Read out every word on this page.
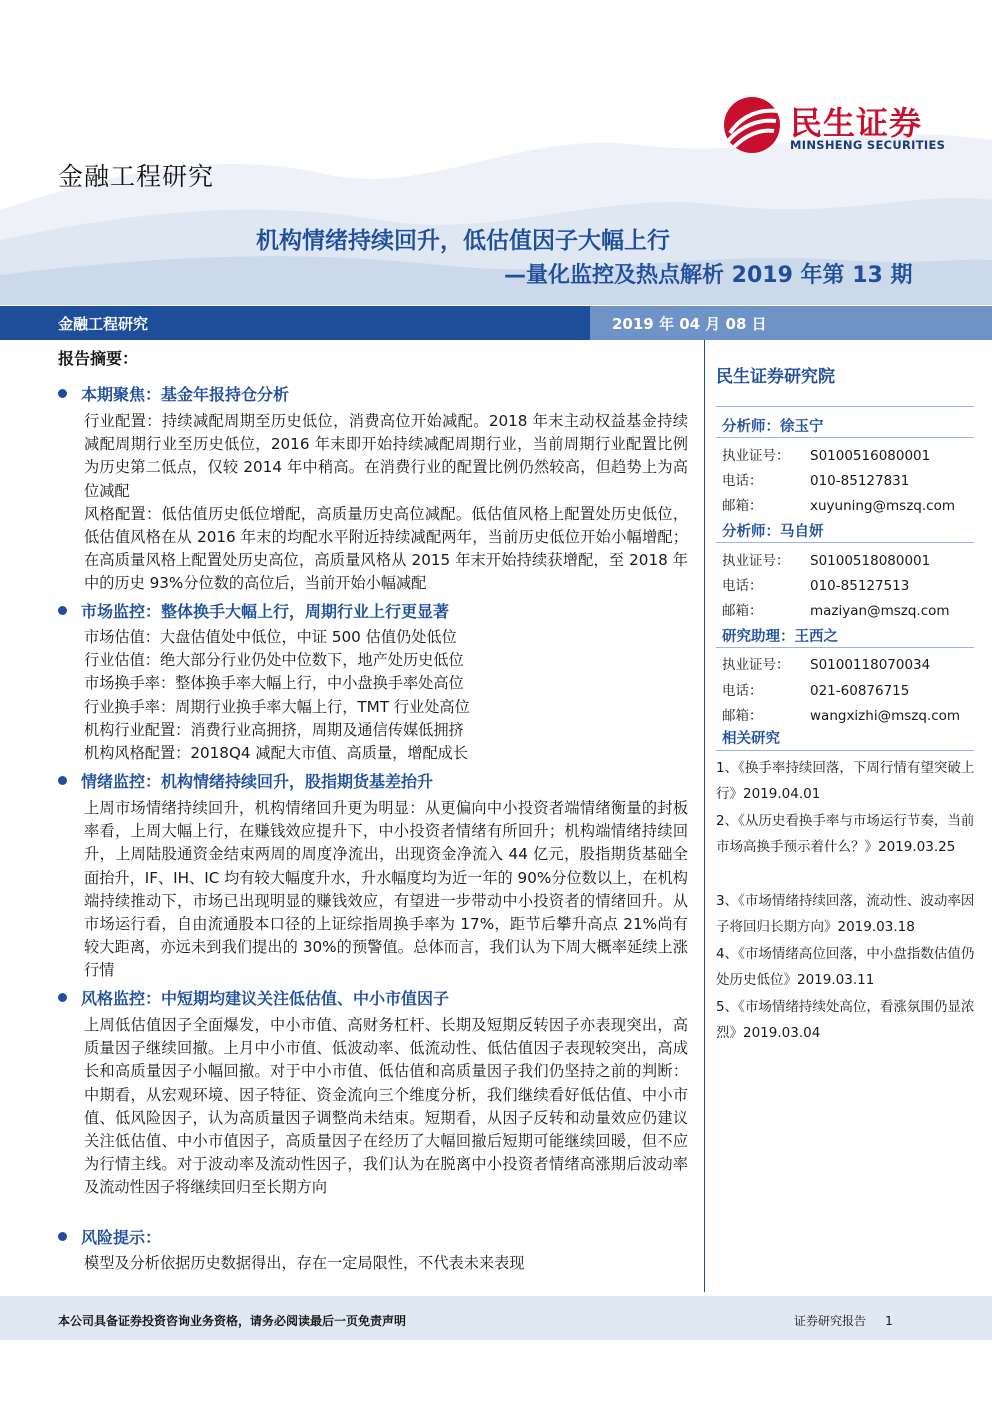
民生证券
MINSHENG SECURITIES
金融工程研究
机构情绪持续回升，低估值因子大幅上行
—量化监控及热点解析 2019 年第 13 期
金融工程研究	2019 年 04 月 08 日
报告摘要：
本期聚焦：基金年报持仓分析

行业配置：持续减配周期至历史低位，消费高位开始减配。2018 年末主动权益基金持续减配周期行业至历史低位，2016 年末即开始持续减配周期行业，当前周期行业配置比例为历史第二低点，仅较 2014 年中稍高。在消费行业的配置比例仍然较高，但趋势上为高位减配

风格配置：低估值历史低位增配，高质量历史高位减配。低估值风格上配置处历史低位，低估值风格在从 2016 年末的均配水平附近持续减配两年，当前历史低位开始小幅增配；在高质量风格上配置处历史高位，高质量风格从 2015 年末开始持续获增配，至 2018 年中的历史 93%分位数的高位后，当前开始小幅减配

市场监控：整体换手大幅上行，周期行业上行更显著

市场估值：大盘估值处中低位，中证 500 估值仍处低位

行业估值：绝大部分行业仍处中位数下，地产处历史低位

市场换手率：整体换手率大幅上行，中小盘换手率处高位

行业换手率：周期行业换手率大幅上行，TMT 行业处高位

机构行业配置：消费行业高拥挤，周期及通信传媒低拥挤

机构风格配置：2018Q4 减配大市值、高质量，增配成长

情绪监控：机构情绪持续回升，股指期货基差抬升

上周市场情绪持续回升，机构情绪回升更为明显：从更偏向中小投资者端情绪衡量的封板率看，上周大幅上行，在赚钱效应提升下，中小投资者情绪有所回升；机构端情绪持续回升，上周陆股通资金结束两周的周度净流出，出现资金净流入 44 亿元，股指期货基础全面抬升，IF、IH、IC 均有较大幅度升水，升水幅度均为近一年的 90%分位数以上，在机构端持续推动下，市场已出现明显的赚钱效应，有望进一步带动中小投资者的情绪回升。从市场运行看，自由流通股本口径的上证综指周换手率为 17%，距节后攀升高点 21%尚有较大距离，亦远未到我们提出的 30%的预警值。总体而言，我们认为下周大概率延续上涨行情

风格监控：中短期均建议关注低估值、中小市值因子

上周低估值因子全面爆发，中小市值、高财务杠杆、长期及短期反转因子亦表现突出，高质量因子继续回撤。上月中小市值、低波动率、低流动性、低估值因子表现较突出，高成长和高质量因子小幅回撤。对于中小市值、低估值和高质量因子我们仍坚持之前的判断：中期看，从宏观环境、因子特征、资金流向三个维度分析，我们继续看好低估值、中小市值、低风险因子，认为高质量因子调整尚未结束。短期看，从因子反转和动量效应仍建议关注低估值、中小市值因子，高质量因子在经历了大幅回撤后短期可能继续回暖，但不应为行情主线。对于波动率及流动性因子，我们认为在脱离中小投资者情绪高涨期后波动率及流动性因子将继续回归至长期方向

风险提示：

模型及分析依据历史数据得出，存在一定局限性，不代表未来表现

民生证券研究院
分析师：徐玉宁
执业证号： S0100516080001
电话：	010-85127831
邮箱：	xuyuning@mszq.com
分析师：马自妍
执业证号： S0100518080001
电话：	010-85127513
邮箱：	maziyan@mszq.com
研究助理：王西之
执业证号： S0100118070034
电话：	021-60876715
邮箱：	wangxizhi@mszq.com
相关研究
1、《换手率持续回落，下周行情有望突破上行》2019.04.01
2、《从历史看换手率与市场运行节奏，当前市场高换手预示着什么？》2019.03.25
3、《市场情绪持续回落，流动性、波动率因子将回归长期方向》2019.03.18
4、《市场情绪高位回落，中小盘指数估值仍处历史低位》2019.03.11
5、《市场情绪持续处高位，看涨氛围仍显浓烈》2019.03.04
本公司具备证券投资咨询业务资格，请务必阅读最后一页免责声明	证券研究报告 1
